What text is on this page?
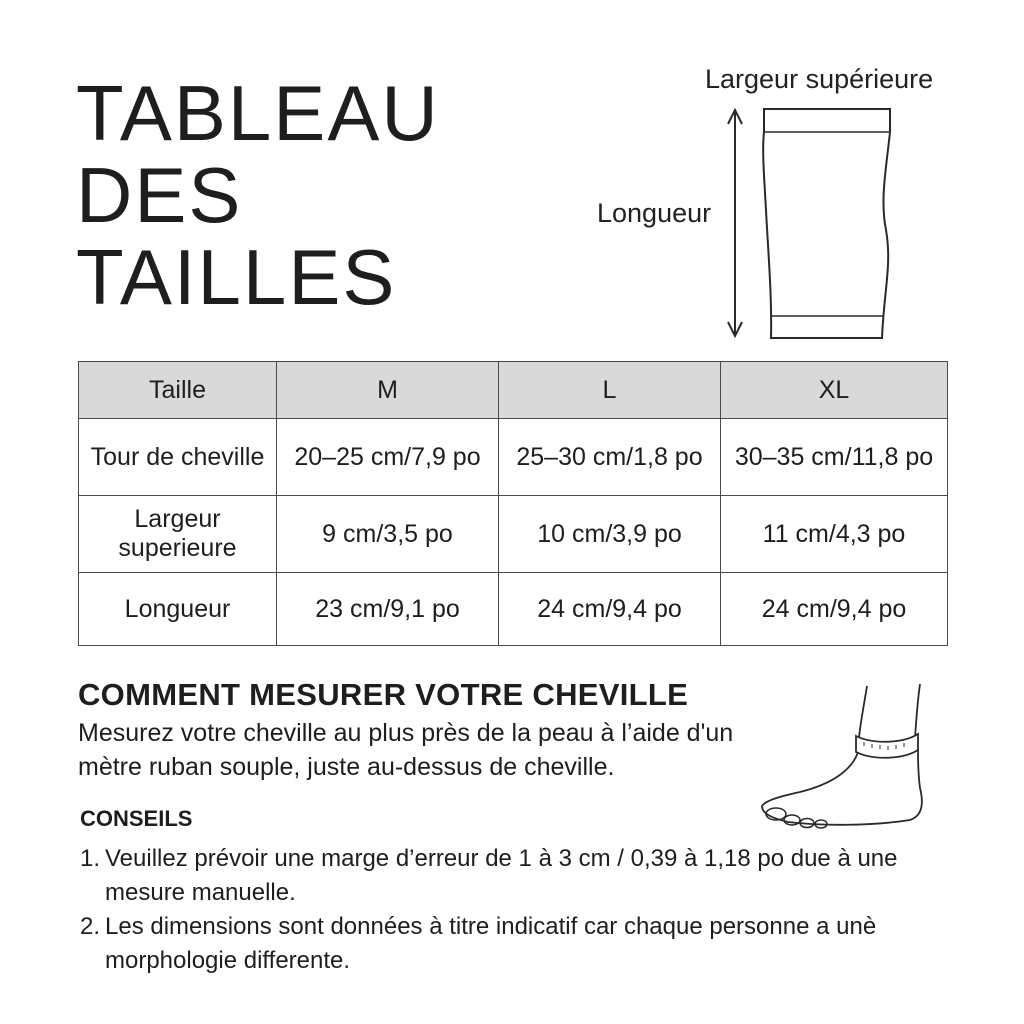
TABLEAU
DES
TAILLES
Largeur supérieure
Longueur
Taille	M	L	XL
Tour de cheville	20–25 cm/7,9 po	25–30 cm/1,8 po	30–35 cm/11,8 po
Largeur superieure	9 cm/3,5 po	10 cm/3,9 po	11 cm/4,3 po
Longueur	23 cm/9,1 po	24 cm/9,4 po	24 cm/9,4 po
COMMENT MESURER VOTRE CHEVILLE

Mesurez votre cheville au plus près de la peau à l’aide d'un mètre ruban souple, juste au-dessus de cheville.

CONSEILS
1. Veuillez prévoir une marge d’erreur de 1 à 3 cm / 0,39 à 1,18 po due à une mesure manuelle.
2. Les dimensions sont données à titre indicatif car chaque personne a unè morphologie differente.
